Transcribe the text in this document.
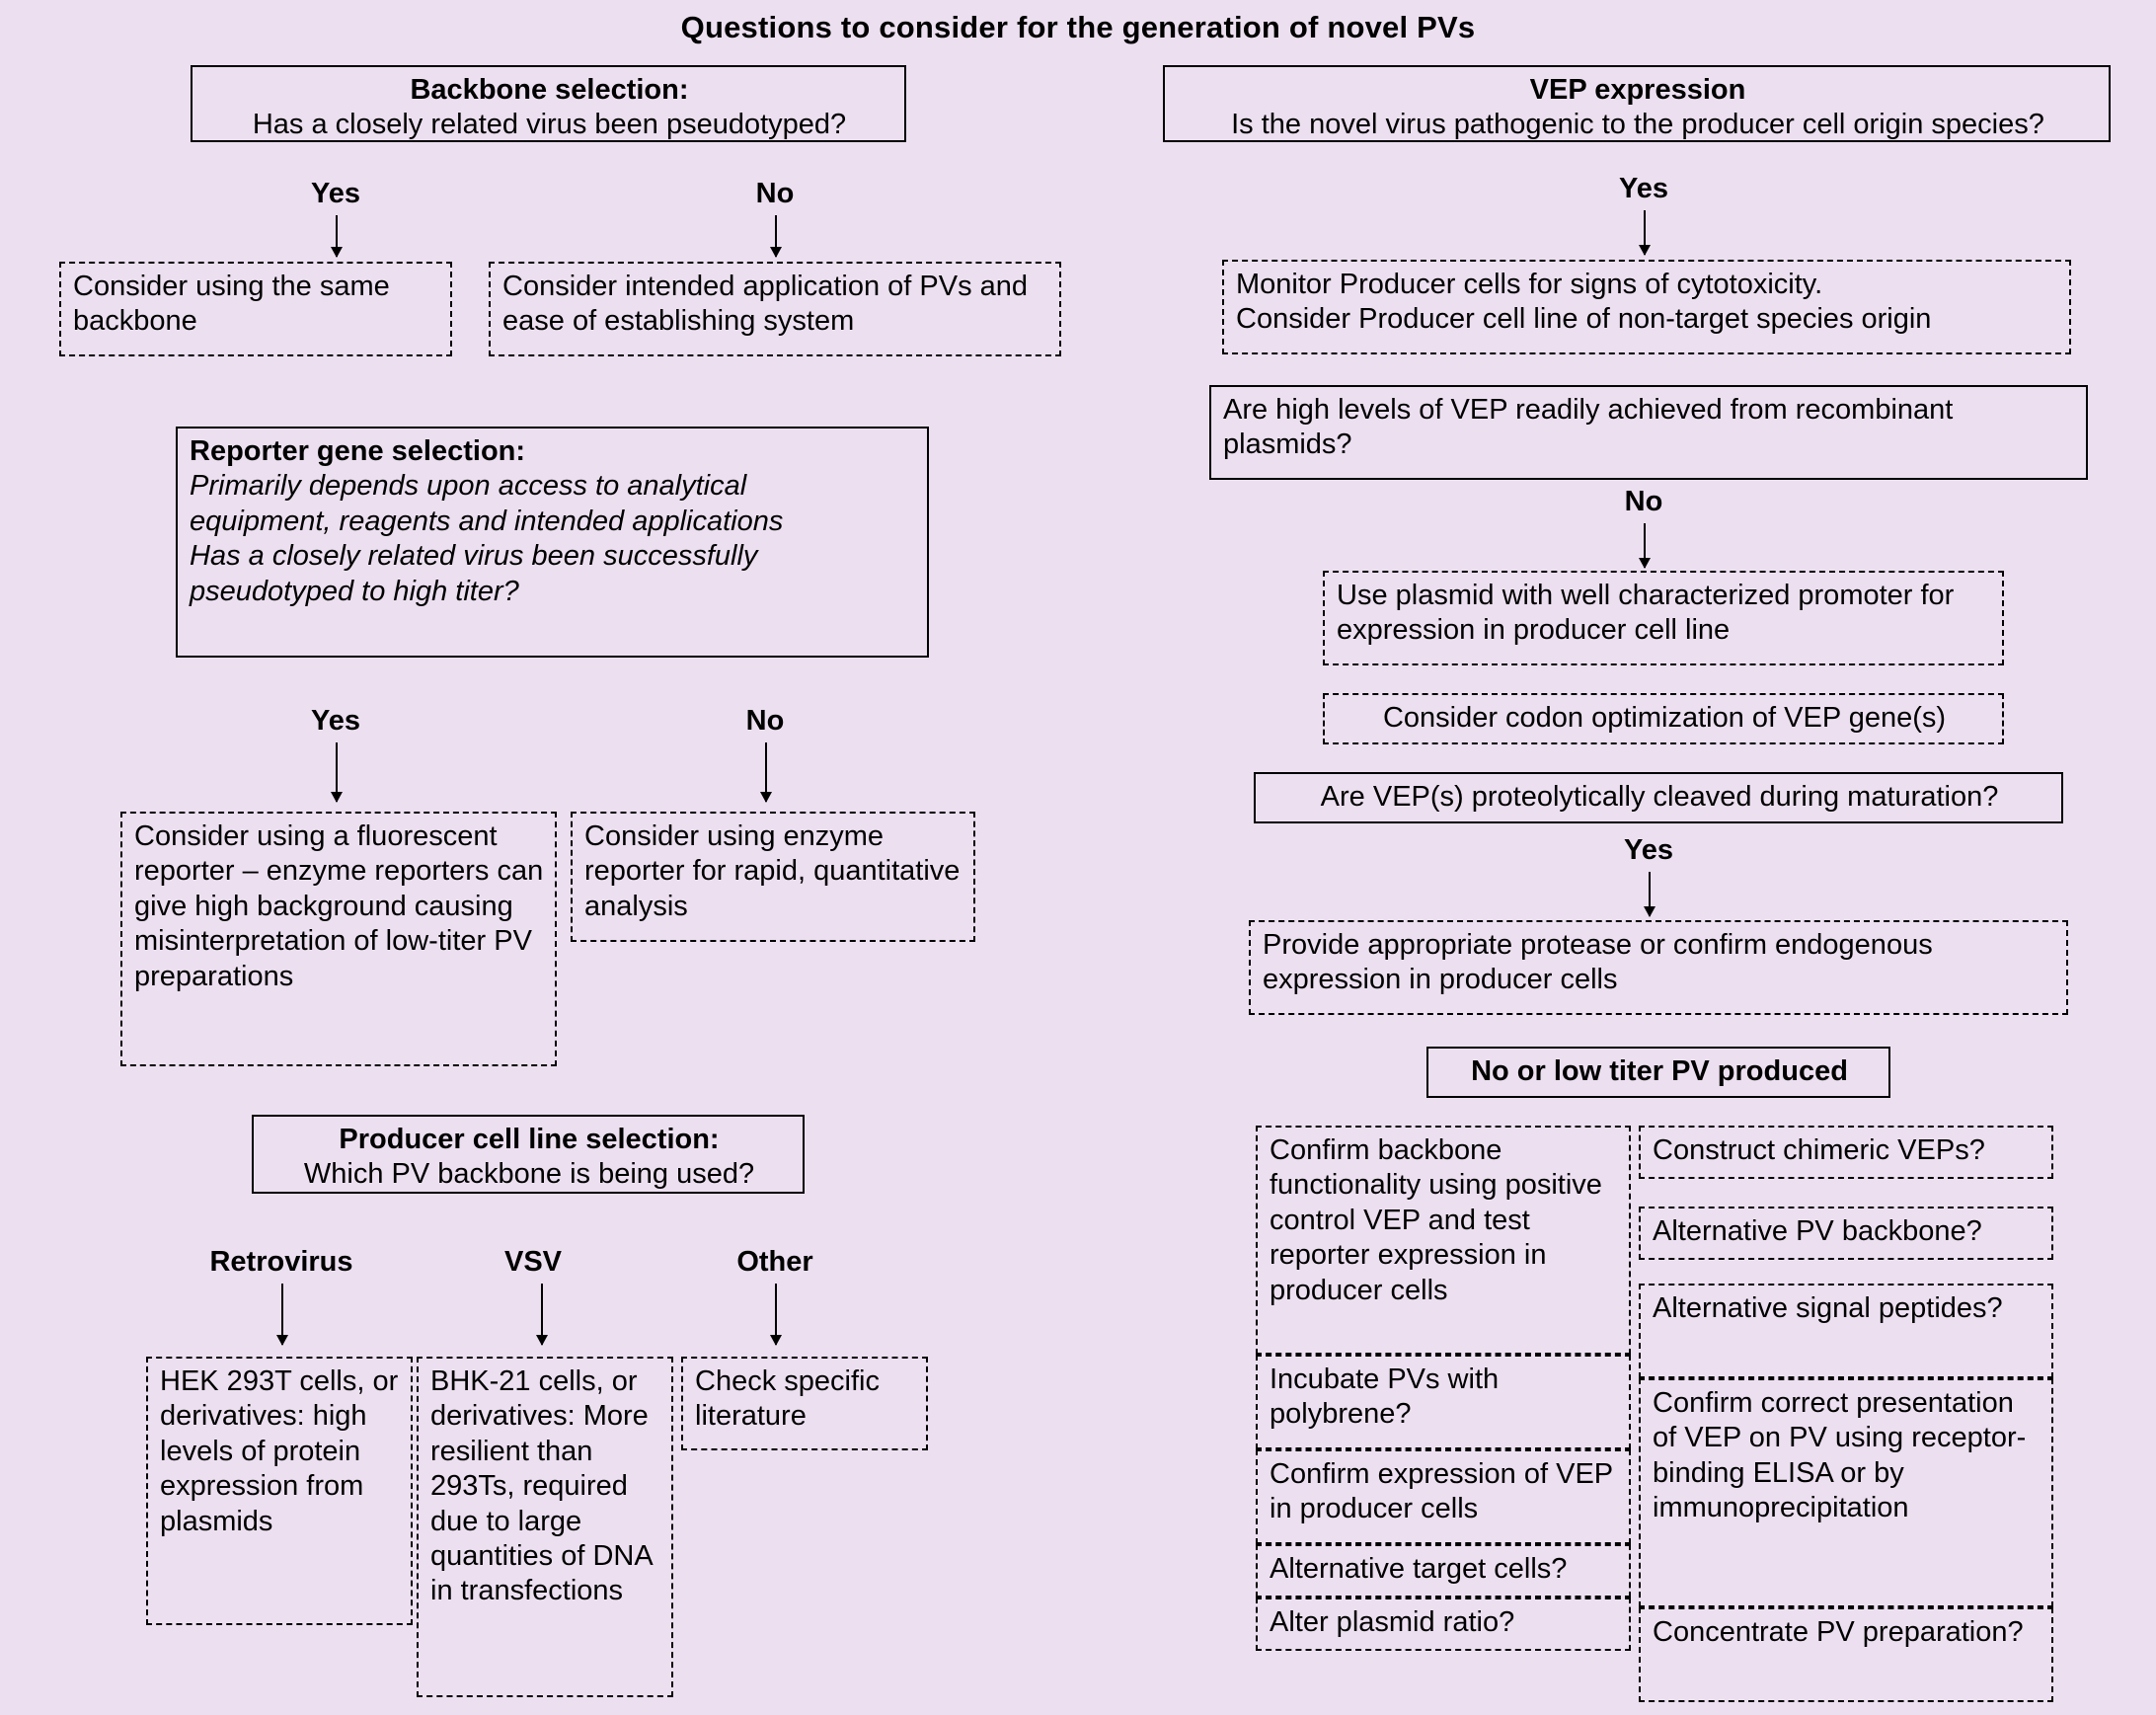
Questions to consider for the generation of novel PVs
Backbone selection:
Has a closely related virus been pseudotyped?
Yes	No
Consider using the same backbone
Consider intended application of PVs and ease of establishing system
Reporter gene selection:
Primarily depends upon access to analytical
equipment, reagents and intended applications
Has a closely related virus been successfully
pseudotyped to high titer?
Yes	No
Consider using a fluorescent reporter – enzyme reporters can give high background causing misinterpretation of low-titer PV preparations
Consider using enzyme reporter for rapid, quantitative analysis
Producer cell line selection:
Which PV backbone is being used?
Retrovirus	VSV	Other
HEK 293T cells, or derivatives: high levels of protein expression from plasmids
BHK-21 cells, or derivatives: More resilient than 293Ts, required due to large quantities of DNA in transfections
Check specific literature
VEP expression
Is the novel virus pathogenic to the producer cell origin species?
Yes
Monitor Producer cells for signs of cytotoxicity.
Consider Producer cell line of non-target species origin
Are high levels of VEP readily achieved from recombinant plasmids?
No
Use plasmid with well characterized promoter for expression in producer cell line
Consider codon optimization of VEP gene(s)
Are VEP(s) proteolytically cleaved during maturation?
Yes
Provide appropriate protease or confirm endogenous expression in producer cells
No or low titer PV produced
Confirm backbone functionality using positive control VEP and test reporter expression in producer cells
Incubate PVs with polybrene?
Confirm expression of VEP in producer cells
Alternative target cells?
Alter plasmid ratio?
Construct chimeric VEPs?
Alternative PV backbone?
Alternative signal peptides?
Confirm correct presentation of VEP on PV using receptor-binding ELISA or by immunoprecipitation
Concentrate PV preparation?
